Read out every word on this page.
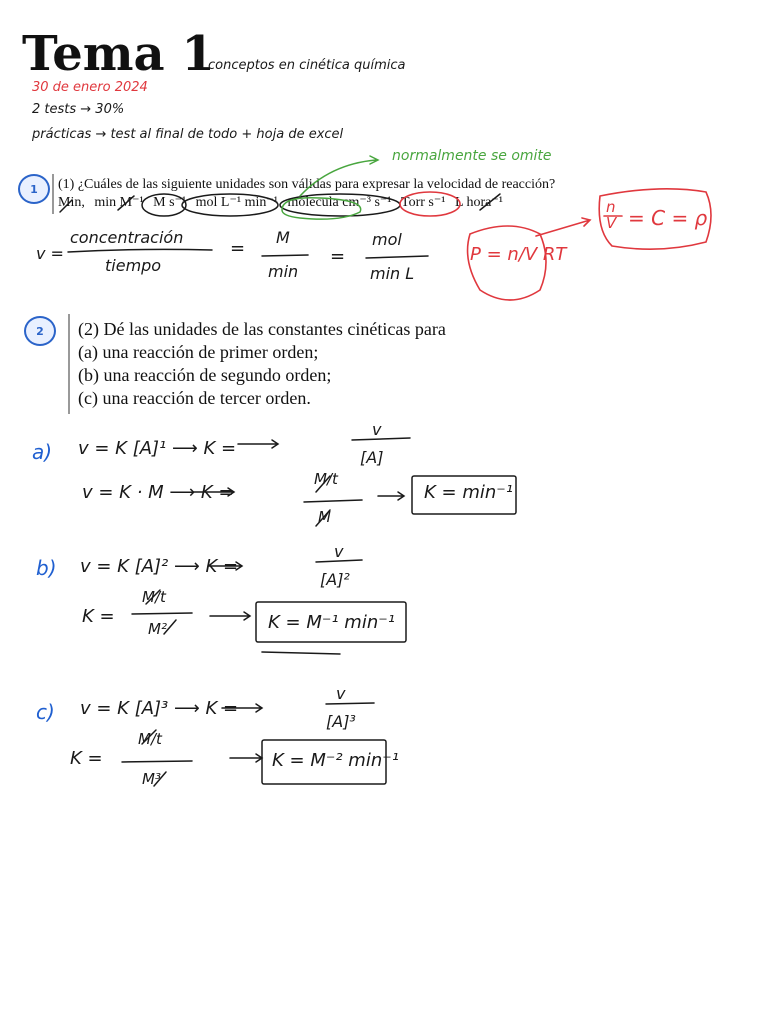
Tema 1
conceptos en cinética química
30 de enero 2024
2 tests → 30%
prácticas → test al final de todo + hoja de excel
normalmente se omite
1 (1) ¿Cuáles de las siguiente unidades son válidas para expresar la velocidad de reacción?
Min, min M⁻¹ M s⁻¹ mol L⁻¹ min⁻¹ molecula cm⁻³ s⁻¹ Torr s⁻¹ L hora⁻¹
v =
concentración
tiempo
=
M
min
=
mol
min L
P = n/V RT
n
V = C = ρ
2 (2) Dé las unidades de las constantes cinéticas para
(a) una reacción de primer orden;
(b) una reacción de segundo orden;
(c) una reacción de tercer orden.
a) v = K [A]¹ ⟶ K =
v
[A]
v = K · M ⟶ K =
M/t
M
K = min⁻¹
b) v = K [A]² ⟶ K =
v
[A]²
K =
M/t
M²	K = M⁻¹ min⁻¹
c) v = K [A]³ ⟶ K =
v
[A]³
K =
M/t
M³
K = M⁻² min⁻¹
